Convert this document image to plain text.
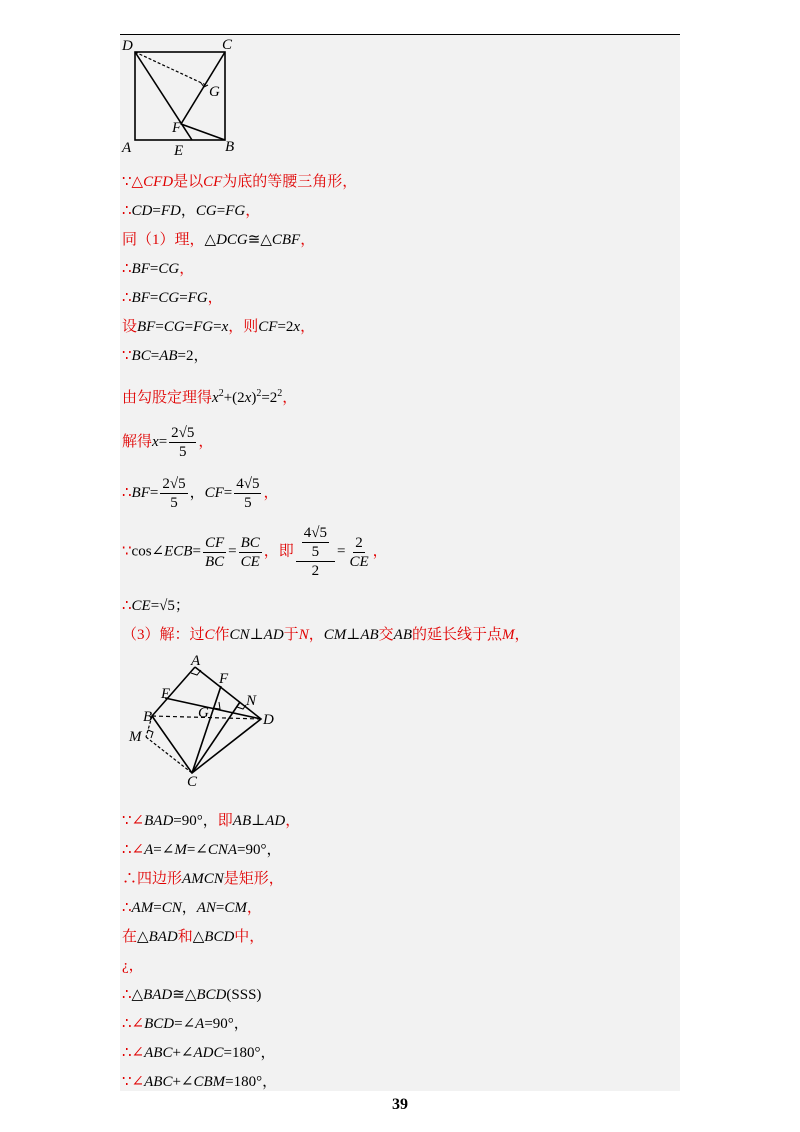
D	C
G
F
A	E	B
∵△CFD是以CF为底的等腰三角形，
∴CD=FD，CG=FG，
同（1）理，△DCG≅△CBF，
∴BF=CG，
∴BF=CG=FG，
设BF=CG=FG=x，则CF=2x，
∵BC=AB=2，
由勾股定理得$x^2+(2x)^2=2^2$，
解得$x= \frac{2√5}{5}$ ，
∴BF= $\frac{2√5}{5}$ ，$CF= \frac{4√5}{5}$ ，
∵cos∠ECB= $\frac{CF}{BC} = \frac{BC}{CE}$ ，即 $\frac{\frac{4√5}{5}}{2} = \frac{2}{CE}$ ，
∴CE=√5；
（3）解：过C作CN⊥AD于N，CM⊥AB交AB的延长线于点M，
A
F
E	N
B	G	D
M
C
∵∠BAD=90°，即AB⊥AD，
∴∠A=∠M=∠CNA=90°，
∴四边形AMCN是矩形，
∴AM=CN，AN=CM，
在△BAD和△BCD中，
¿，
∴△BAD≅△BCD(SSS)
∴∠BCD=∠A=90°，
∴∠ABC+∠ADC=180°，
∵∠ABC+∠CBM=180°，
39
